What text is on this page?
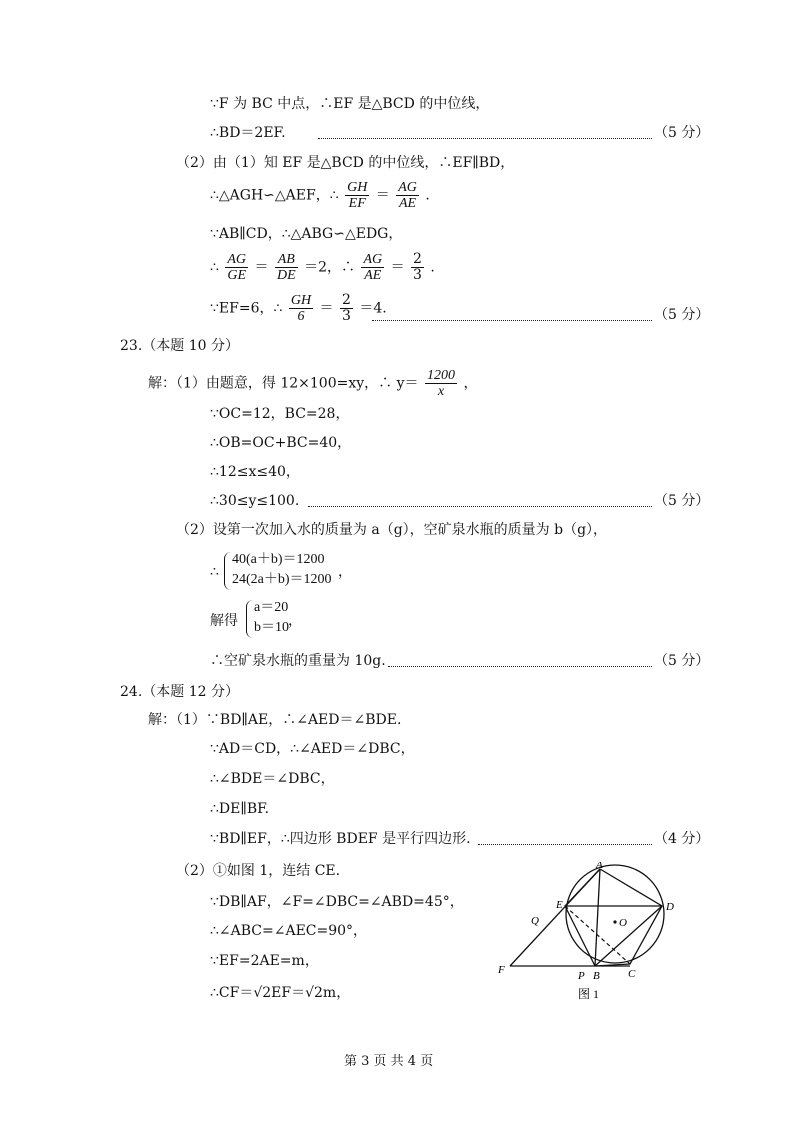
∵F 为 BC 中点，∴EF 是△BCD 的中位线，
∴BD＝2EF.	（5 分）
（2）由（1）知 EF 是△BCD 的中位线，∴EF∥BD，
∴△AGH∽△AEF，∴ $\frac{GH}{EF} = \frac{AG}{AE}$ .
∵AB∥CD，∴△ABG∽△EDG，
∴ $\frac{AG}{GE} = \frac{AB}{DE} =2$，∴ $\frac{AG}{AE} = \frac{2}{3}$ .
∵EF=6，∴ $\frac{GH}{6} = \frac{2}{3} =4$.	（5 分）
23.（本题 10 分）
解：（1）由题意，得 12×100=xy，∴ $y= \frac{1200}{x}$ ，
∵OC=12，BC=28，
∴OB=OC+BC=40，
∴12≤x≤40，
∴30≤y≤100.	（5 分）
（2）设第一次加入水的质量为 a（g），空矿泉水瓶的质量为 b（g），
∴
40(a＋b)＝1200
24(2a＋b)＝1200 ，
解得
a＝20
b＝10 ，
∴空矿泉水瓶的重量为 10g.	（5 分）
24.（本题 12 分）
解：（1）∵BD∥AE，∴∠AED＝∠BDE.
∵AD＝CD，∴∠AED＝∠DBC，
∴∠BDE＝∠DBC，
∴DE∥BF.
∵BD∥EF，∴四边形 BDEF 是平行四边形.	（4 分）
（2）①如图 1，连结 CE.
∵DB∥AF，∠F=∠DBC=∠ABD=45°，
∴∠ABC=∠AEC=90°，
∵EF=2AE=m，
∴CF＝√2EF＝√2m，
A
D
E
O
Q
F	P B	C
图 1
第 3 页 共 4 页
